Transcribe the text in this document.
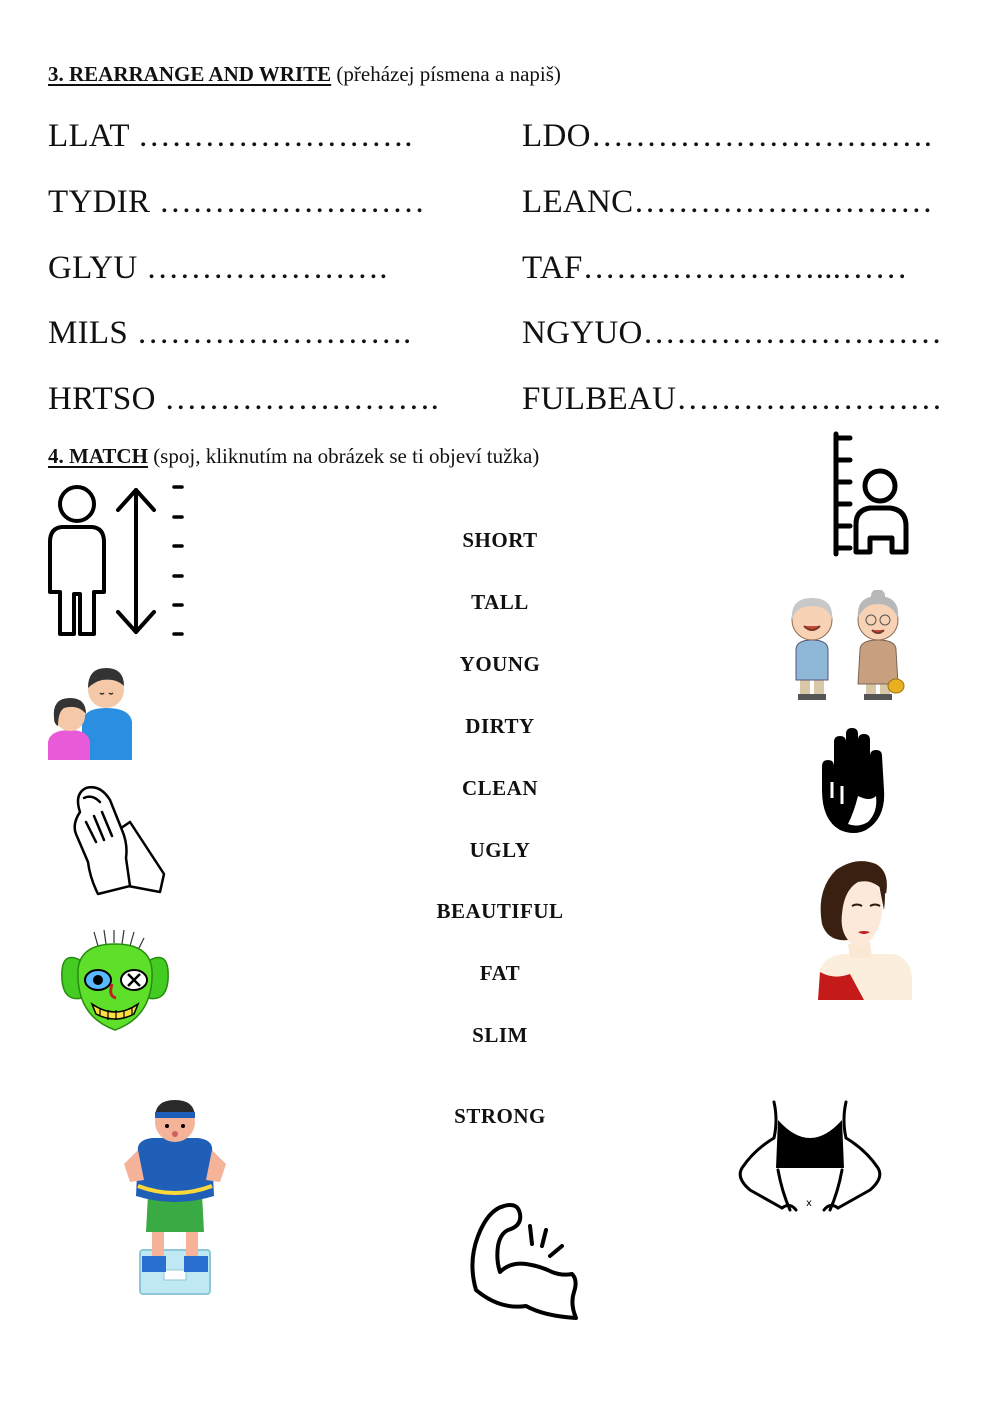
3. REARRANGE AND WRITE (přeházej písmena a napiš)
LLAT …………………….
TYDIR ……………………
GLYU ………………….
MILS …………………….
HRTSO …………………….
LDO………………………….
LEANC………………………
TAF…………………...……
NGYUO………………………
FULBEAU……………………
4. MATCH (spoj, kliknutím na obrázek se ti objeví tužka)
SHORT
TALL
YOUNG
DIRTY
CLEAN
UGLY
BEAUTIFUL
FAT
SLIM
STRONG
x
